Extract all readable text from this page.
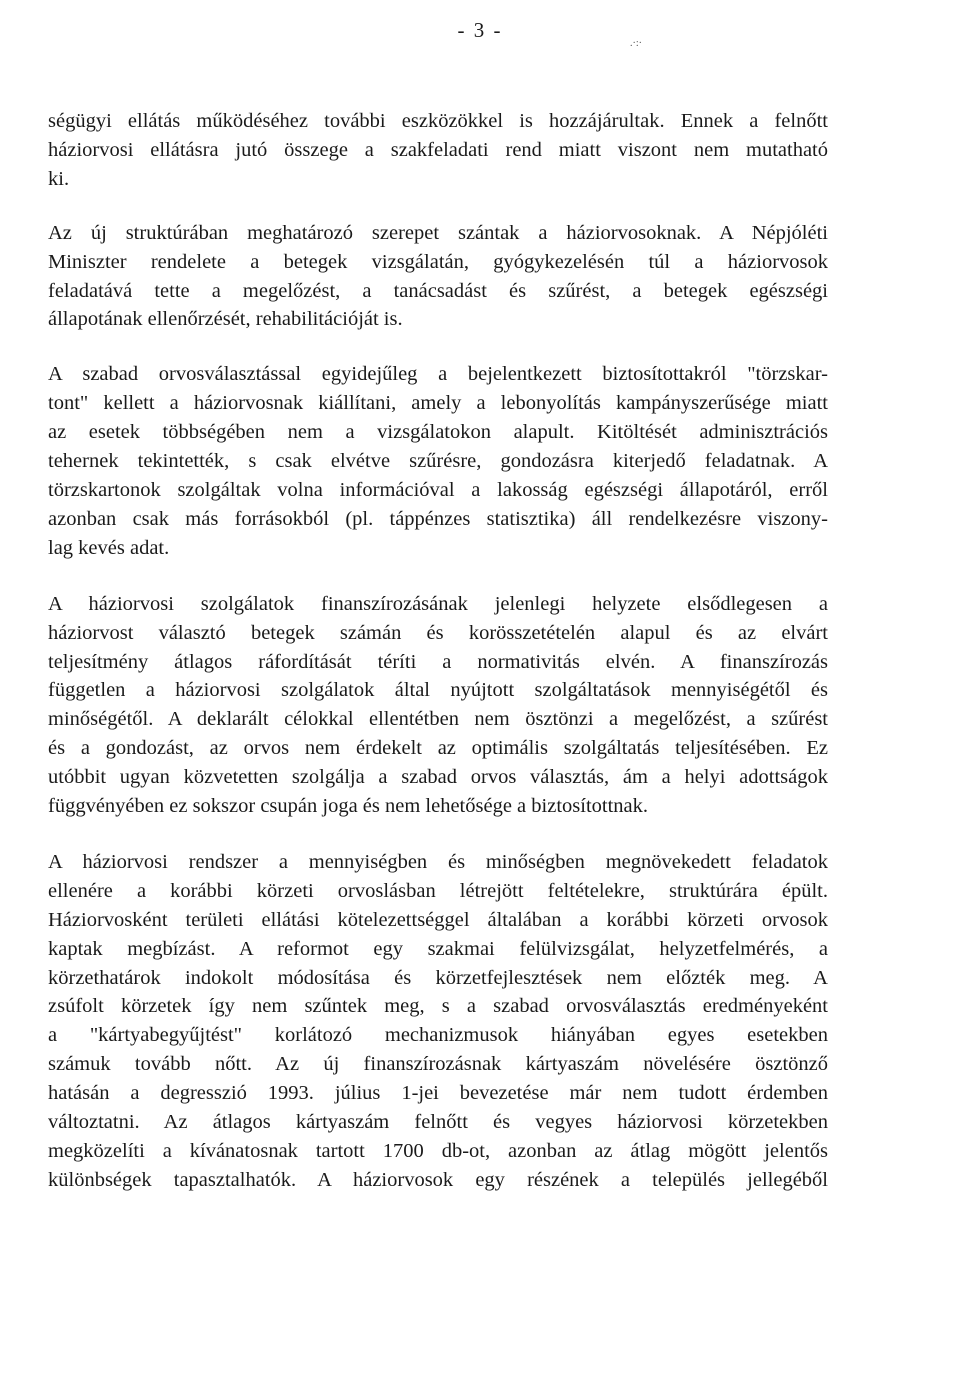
- 3 -
.·:·

ségügyi ellátás működéséhez további eszközökkel is hozzájárultak. Ennek a felnőtt
háziorvosi ellátásra jutó összege a szakfeladati rend miatt viszont nem mutatható
ki.

Az új struktúrában meghatározó szerepet szántak a háziorvosoknak. A Népjóléti
Miniszter rendelete a betegek vizsgálatán, gyógykezelésén túl a háziorvosok
feladatává tette a megelőzést, a tanácsadást és szűrést, a betegek egészségi
állapotának ellenőrzését, rehabilitációját is.

A szabad orvosválasztással egyidejűleg a bejelentkezett biztosítottakról "törzskar-
tont" kellett a háziorvosnak kiállítani, amely a lebonyolítás kampányszerűsége miatt
az esetek többségében nem a vizsgálatokon alapult. Kitöltését adminisztrációs
tehernek tekintették, s csak elvétve szűrésre, gondozásra kiterjedő feladatnak. A
törzskartonok szolgáltak volna információval a lakosság egészségi állapotáról, erről
azonban csak más forrásokból (pl. táppénzes statisztika) áll rendelkezésre viszony-
lag kevés adat.

A háziorvosi szolgálatok finanszírozásának jelenlegi helyzete elsődlegesen a
háziorvost választó betegek számán és korösszetételén alapul és az elvárt
teljesítmény átlagos ráfordítását téríti a normativitás elvén. A finanszírozás
független a háziorvosi szolgálatok által nyújtott szolgáltatások mennyiségétől és
minőségétől. A deklarált célokkal ellentétben nem ösztönzi a megelőzést, a szűrést
és a gondozást, az orvos nem érdekelt az optimális szolgáltatás teljesítésében. Ez
utóbbit ugyan közvetetten szolgálja a szabad orvos választás, ám a helyi adottságok
függvényében ez sokszor csupán joga és nem lehetősége a biztosítottnak.

A háziorvosi rendszer a mennyiségben és minőségben megnövekedett feladatok
ellenére a korábbi körzeti orvoslásban létrejött feltételekre, struktúrára épült.
Háziorvosként területi ellátási kötelezettséggel általában a korábbi körzeti orvosok
kaptak megbízást. A reformot egy szakmai felülvizsgálat, helyzetfelmérés, a
körzethatárok indokolt módosítása és körzetfejlesztések nem előzték meg. A
zsúfolt körzetek így nem szűntek meg, s a szabad orvosválasztás eredményeként
a "kártyabegyűjtést" korlátozó mechanizmusok hiányában egyes esetekben
számuk tovább nőtt. Az új finanszírozásnak kártyaszám növelésére ösztönző
hatásán a degresszió 1993. július 1-jei bevezetése már nem tudott érdemben
változtatni. Az átlagos kártyaszám felnőtt és vegyes háziorvosi körzetekben
megközelíti a kívánatosnak tartott 1700 db-ot, azonban az átlag mögött jelentős
különbségek tapasztalhatók. A háziorvosok egy részének a település jellegéből
